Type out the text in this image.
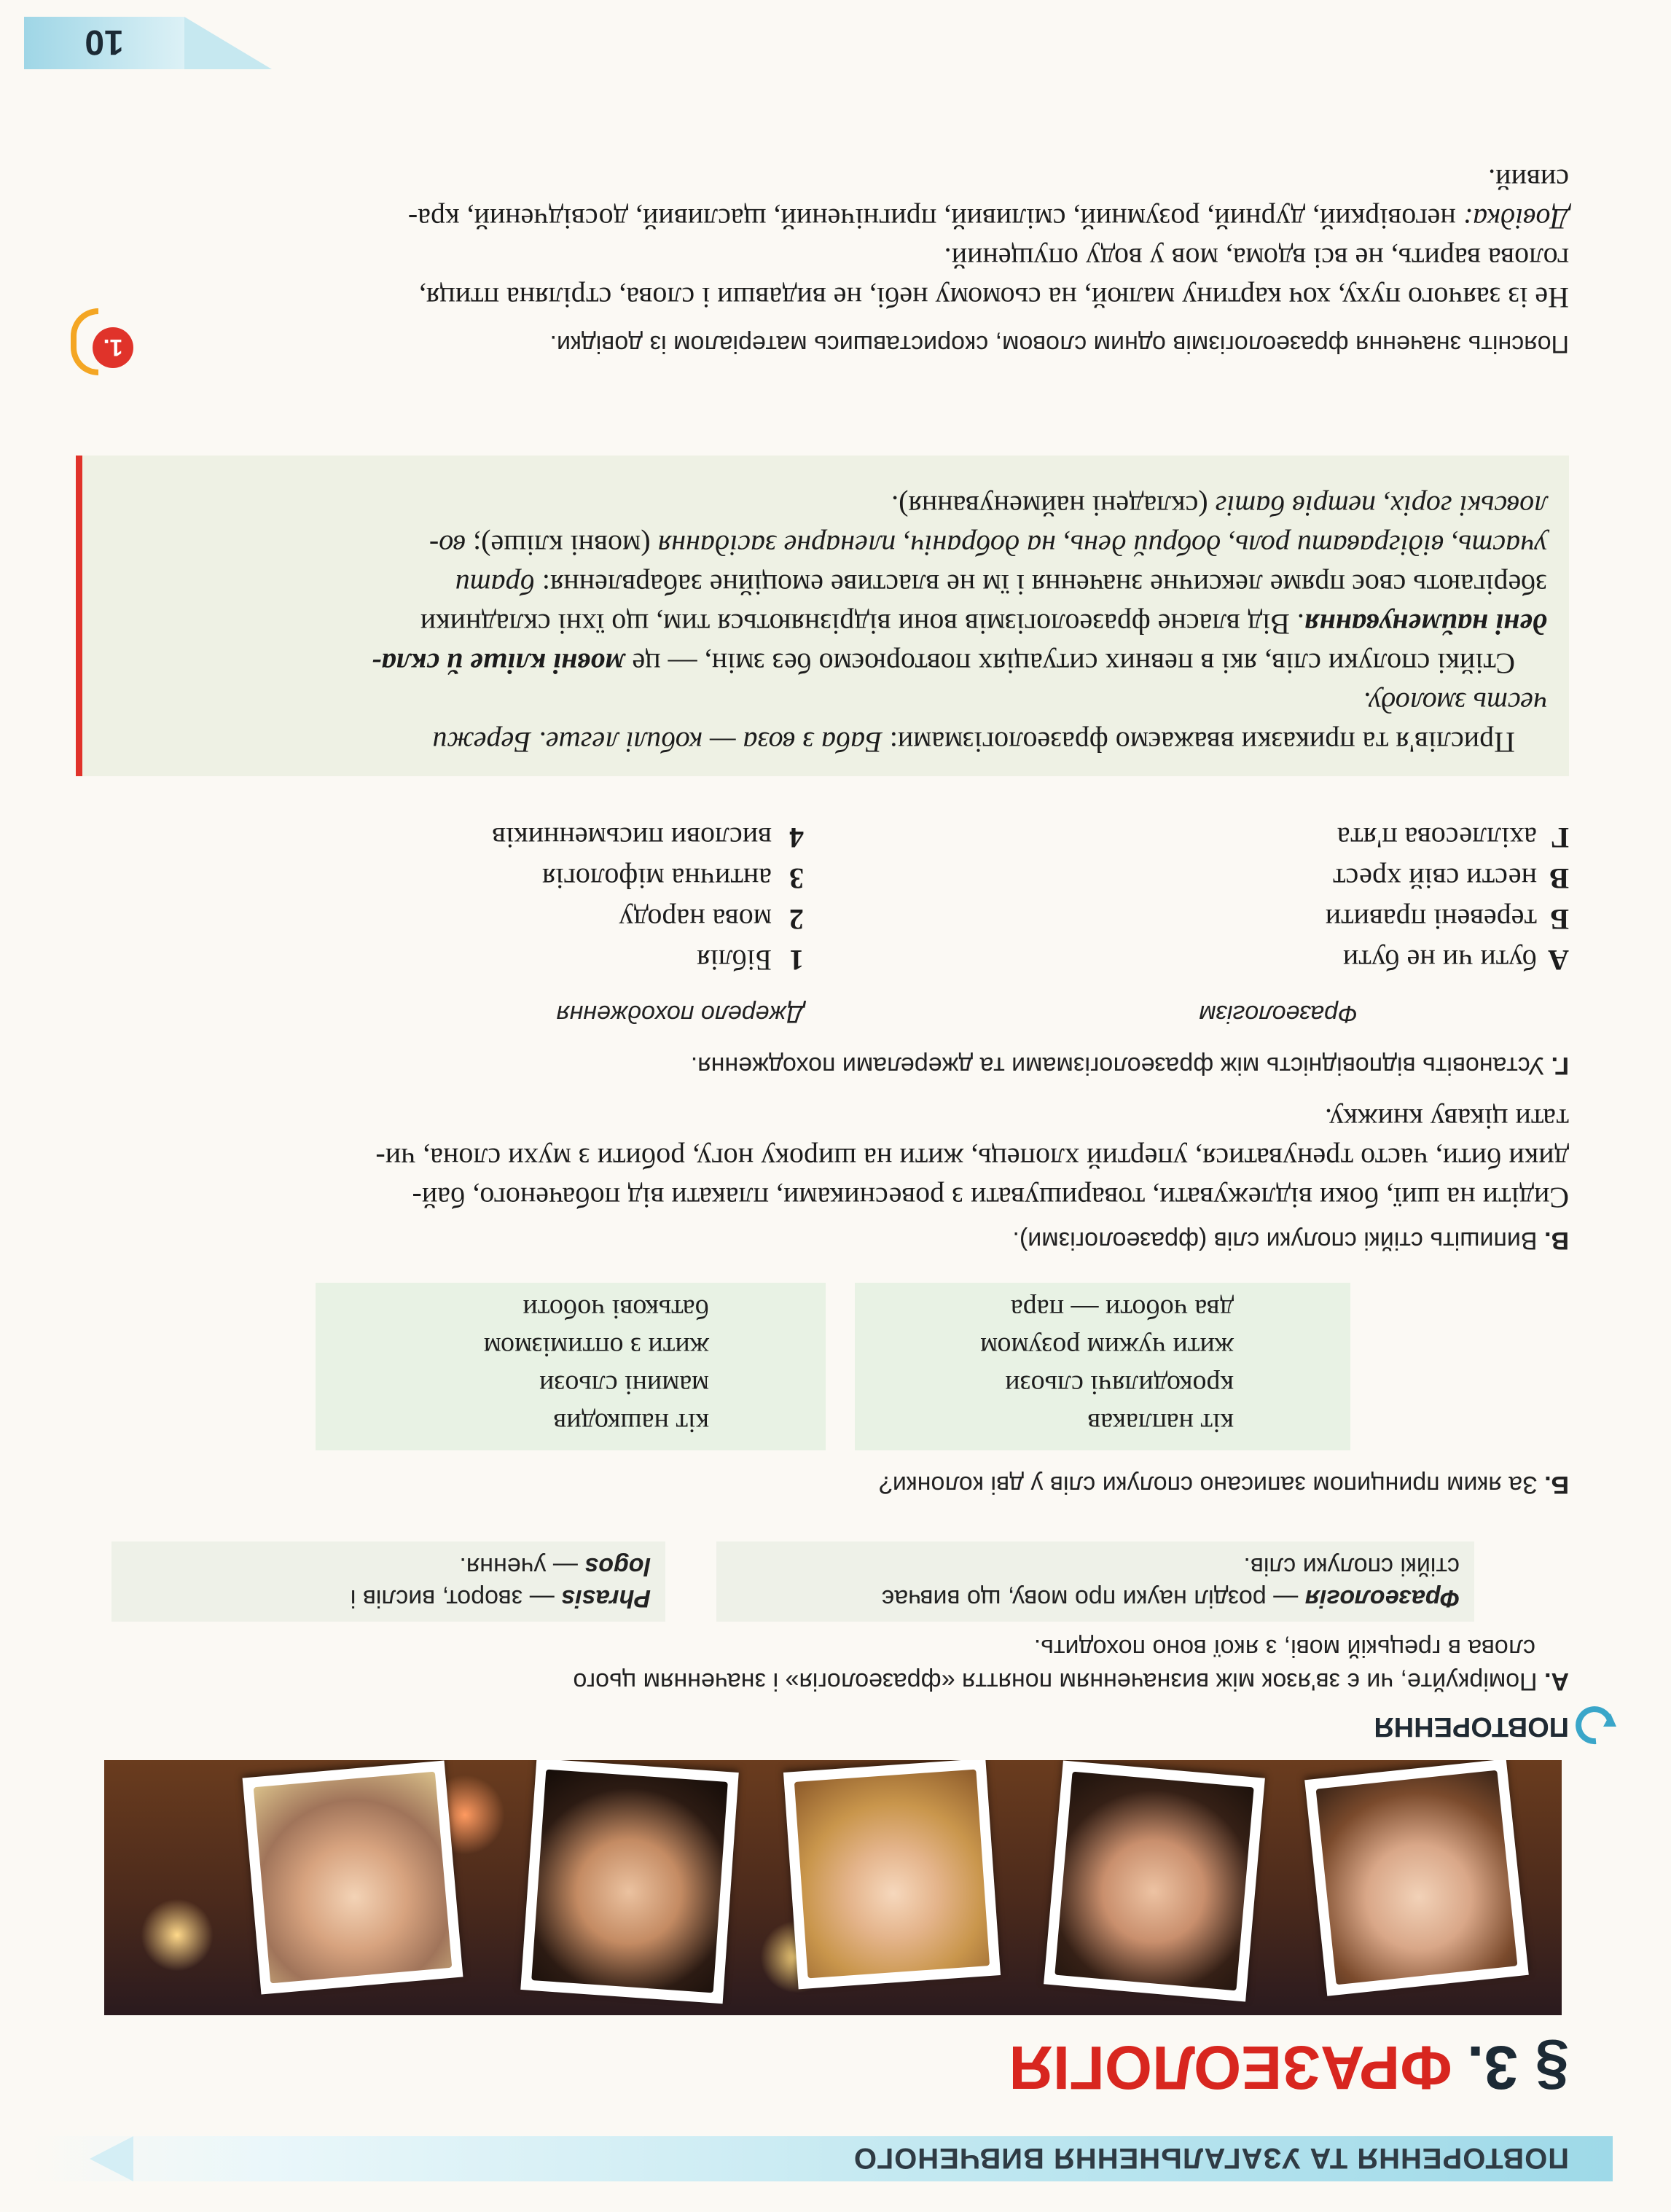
ПОВТОРЕННЯ ТА УЗАГАЛЬНЕННЯ ВИВЧЕНОГО
§ 3.ФРАЗЕОЛОГІЯ
ПОВТОРЕННЯ
А. Поміркуйте, чи є зв'язок між визначенням поняття «фразеологія» і значенням цього
слова в грецькій мові, з якої воно походить.
Фразеологія — розділ науки про мову, що вивчає
стійкі сполуки слів.
Phrasis — зворот, вислів і
logos — учення.
Б. За яким принципом записано сполуки слів у дві колонки?
кіт наплакав
крокодилячі сльози
жити чужим розумом
два чоботи — пара
кіт нашкодив
мамині сльози
жити з оптимізмом
батькові чоботи
В. Випишіть стійкі сполуки слів (фразеологізми).
Сидіти на шиї, боки відлежувати, товаришувати з ровесниками, плакати від побаченого, бай-
дики бити, часто тренуватися, упертий хлопець, жити на широку ногу, робити з мухи слона, чи-
тати цікаву книжку.
Г. Установіть відповідність між фразеологізмами та джерелами походження.
Фразеологізм
Джерело походження
Абути чи не бути
Бтеревені правити
Внести свій хрест
Гахіллесова п'ята
1Біблія
2мова народу
3антична міфологія
4вислови письменників
Прислів'я та приказки вважаємо фразеологізмами: Баба з воза — кобилі легше. Бережи
честь змолоду.
Стійкі сполуки слів, які в певних ситуаціях повторюємо без змін, — це мовні кліше й скла-
дені найменування. Від власне фразеологізмів вони відрізняються тим, що їхні складники
зберігають своє пряме лексичне значення і їм не властиве емоційне забарвлення: брати
участь, відігравати роль, добрий день, на добраніч, пленарне засідання (мовні кліше); во-
ловські горіх, петрів батіг (складені найменування).
1.	Поясніть значення фразеологізмів одним словом, скориставшись матеріалом із довідки.
Не із заячого пуху, хоч картину малюй, на сьомому небі, не видавши і слова, стріляна птиця,
голова варить, не всі вдома, мов у воду опущений.
Довідка: неговіркий, дурний, розумний, сміливий, пригнічений, щасливий, досвідчений, кра-
сивий.
10
